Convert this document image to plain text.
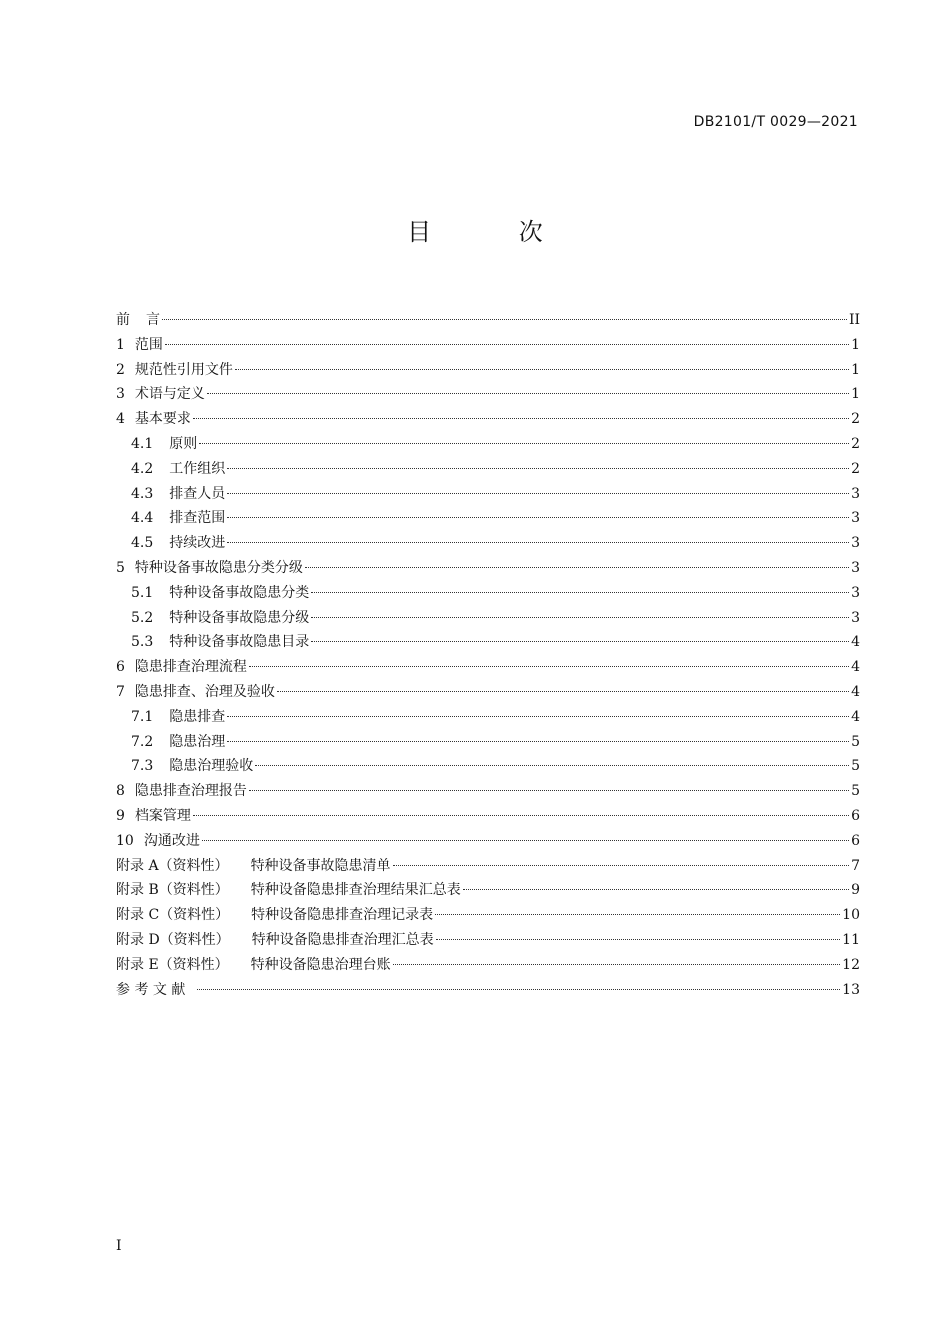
DB2101/T 0029—2021
目 次
前 言	II
1 范围	1
2 规范性引用文件	1
3 术语与定义	1
4 基本要求	2
4.1 原则	2
4.2 工作组织	2
4.3 排查人员	3
4.4 排查范围	3
4.5 持续改进	3
5 特种设备事故隐患分类分级	3
5.1 特种设备事故隐患分类	3
5.2 特种设备事故隐患分级	3
5.3 特种设备事故隐患目录	4
6 隐患排查治理流程	4
7 隐患排查、治理及验收	4
7.1 隐患排查	4
7.2 隐患治理	5
7.3 隐患治理验收	5
8 隐患排查治理报告	5
9 档案管理	6
10 沟通改进	6
附录 A（资料性） 特种设备事故隐患清单	7
附录 B（资料性） 特种设备隐患排查治理结果汇总表	9
附录 C（资料性） 特种设备隐患排查治理记录表	10
附录 D（资料性） 特种设备隐患排查治理汇总表	11
附录 E（资料性） 特种设备隐患治理台账	12
参 考 文 献	13
I
